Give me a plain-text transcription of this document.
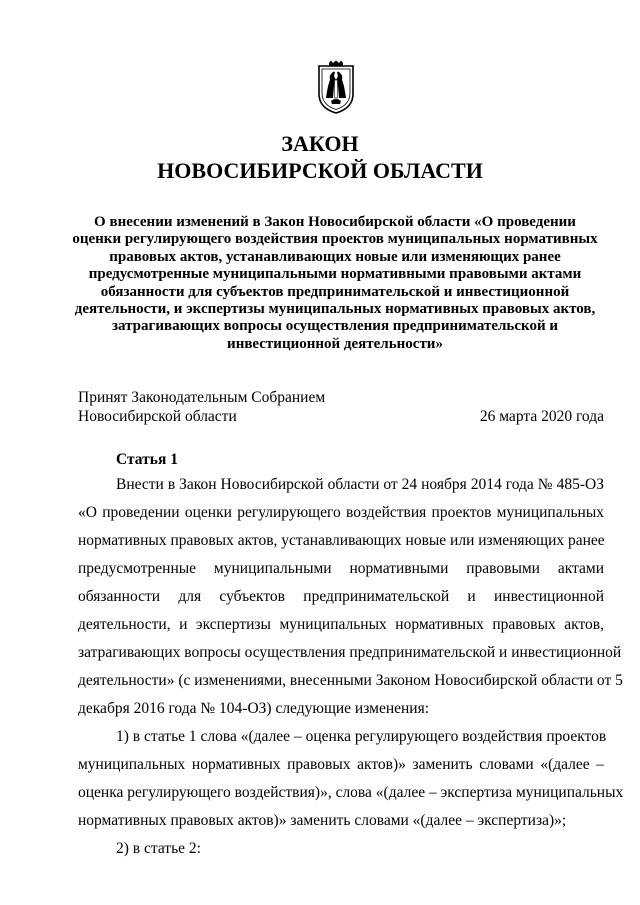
ЗАКОН
НОВОСИБИРСКОЙ ОБЛАСТИ
О внесении изменений в Закон Новосибирской области «О проведении
оценки регулирующего воздействия проектов муниципальных нормативных
правовых актов, устанавливающих новые или изменяющих ранее
предусмотренные муниципальными нормативными правовыми актами
обязанности для субъектов предпринимательской и инвестиционной
деятельности, и экспертизы муниципальных нормативных правовых актов,
затрагивающих вопросы осуществления предпринимательской и
инвестиционной деятельности»
Принят Законодательным Собранием
Новосибирской области	26 марта 2020 года
Статья 1
Внести в Закон Новосибирской области от 24 ноября 2014 года № 485-ОЗ
«О проведении оценки регулирующего воздействия проектов муниципальных
нормативных правовых актов, устанавливающих новые или изменяющих ранее
предусмотренные муниципальными нормативными правовыми актами
обязанности для субъектов предпринимательской и инвестиционной
деятельности, и экспертизы муниципальных нормативных правовых актов,
затрагивающих вопросы осуществления предпринимательской и инвестиционной
деятельности» (с изменениями, внесенными Законом Новосибирской области от 5
декабря 2016 года № 104-ОЗ) следующие изменения:
1) в статье 1 слова «(далее – оценка регулирующего воздействия проектов
муниципальных нормативных правовых актов)» заменить словами «(далее –
оценка регулирующего воздействия)», слова «(далее – экспертиза муниципальных
нормативных правовых актов)» заменить словами «(далее – экспертиза)»;
2) в статье 2:
